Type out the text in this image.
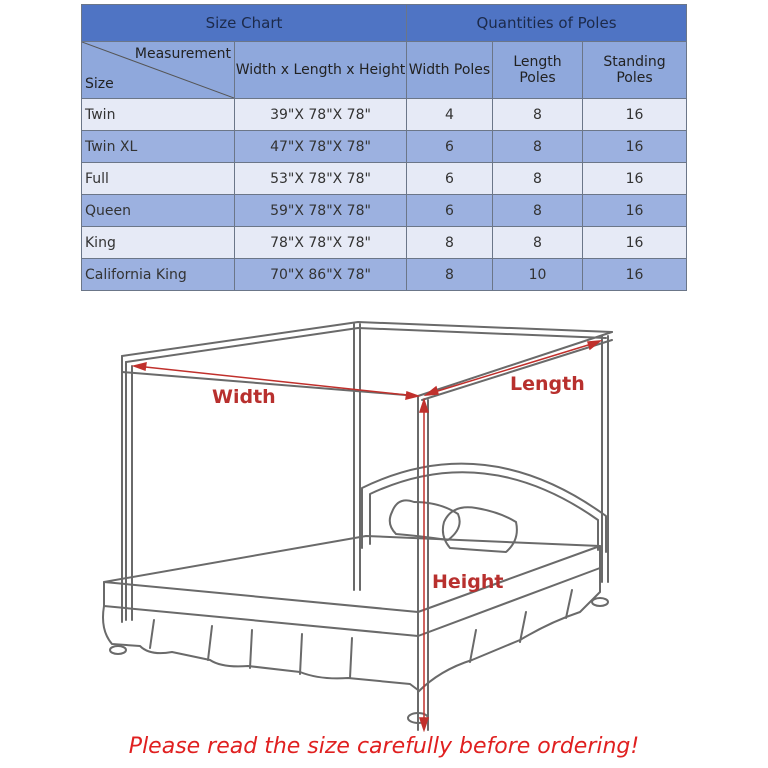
Size Chart		Quantities of Poles		

Measurement
Size	Width x Length x Height	Width Poles	Length Poles	Standing Poles
Twin	39"X 78"X 78"	4	8	16
Twin XL	47"X 78"X 78"	6	8	16
Full	53"X 78"X 78"	6	8	16
Queen	59"X 78"X 78"	6	8	16
King	78"X 78"X 78"	8	8	16
California King	70"X 86"X 78"	8	10	16
Width
Length
Height
Please read the size carefully before ordering!
